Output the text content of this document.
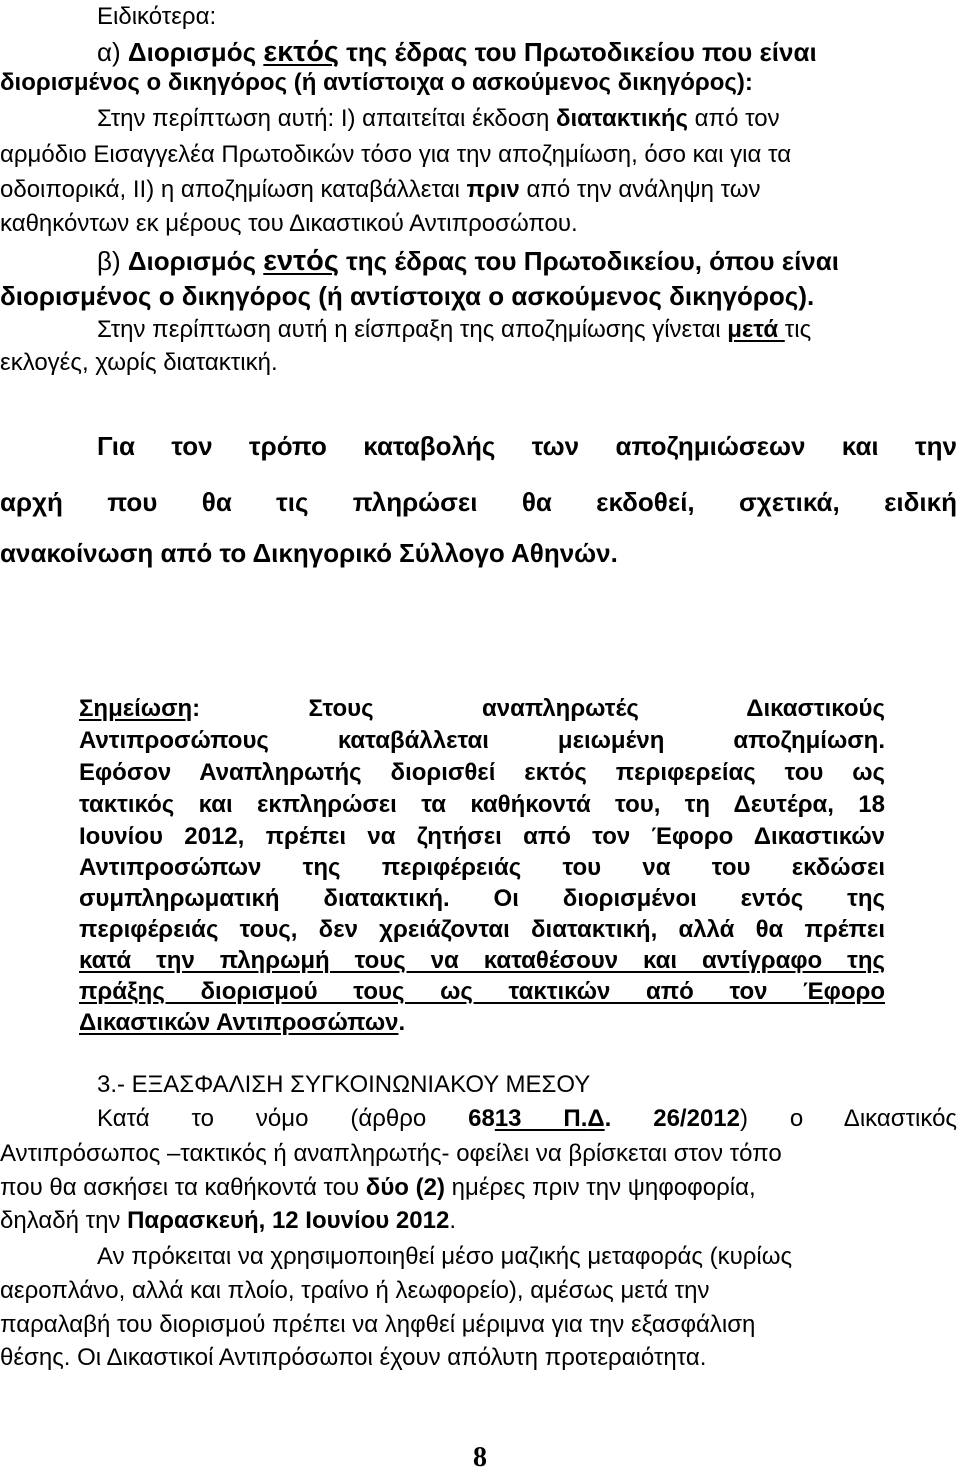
Ειδικότερα:
α) Διορισμός εκτός της έδρας του Πρωτοδικείου που είναι
διορισμένος ο δικηγόρος (ή αντίστοιχα ο ασκούμενος δικηγόρος):
Στην περίπτωση αυτή: I) απαιτείται έκδοση διατακτικής από τον
αρμόδιο Εισαγγελέα Πρωτοδικών τόσο για την αποζημίωση, όσο και για τα
οδοιπορικά, II) η αποζημίωση καταβάλλεται πριν από την ανάληψη των
καθηκόντων εκ μέρους του Δικαστικού Αντιπροσώπου.
β) Διορισμός εντός της έδρας του Πρωτοδικείου, όπου είναι
διορισμένος ο δικηγόρος (ή αντίστοιχα ο ασκούμενος δικηγόρος).
Στην περίπτωση αυτή η είσπραξη της αποζημίωσης γίνεται μετά τις
εκλογές, χωρίς διατακτική.
Για τον τρόπο καταβολής των αποζημιώσεων και την
αρχή που θα τις πληρώσει θα εκδοθεί, σχετικά, ειδική
ανακοίνωση από το Δικηγορικό Σύλλογο Αθηνών.
Σημείωση: Στους αναπληρωτές Δικαστικούς
Αντιπροσώπους καταβάλλεται μειωμένη αποζημίωση.
Εφόσον Αναπληρωτής διορισθεί εκτός περιφερείας του ως
τακτικός και εκπληρώσει τα καθήκοντά του, τη Δευτέρα, 18
Ιουνίου 2012, πρέπει να ζητήσει από τον Έφορο Δικαστικών
Αντιπροσώπων της περιφέρειάς του να του εκδώσει
συμπληρωματική διατακτική. Οι διορισμένοι εντός της
περιφέρειάς τους, δεν χρειάζονται διατακτική, αλλά θα πρέπει
κατά την πληρωμή τους να καταθέσουν και αντίγραφο της
πράξης διορισμού τους ως τακτικών από τον Έφορο
Δικαστικών Αντιπροσώπων.
3.- ΕΞΑΣΦΑΛΙΣΗ ΣΥΓΚΟΙΝΩΝΙΑΚΟΥ ΜΕΣΟΥ
Κατά το νόμο (άρθρο 6813 Π.Δ. 26/2012) ο Δικαστικός
Αντιπρόσωπος –τακτικός ή αναπληρωτής- οφείλει να βρίσκεται στον τόπο
που θα ασκήσει τα καθήκοντά του δύο (2) ημέρες πριν την ψηφοφορία,
δηλαδή την Παρασκευή, 12 Ιουνίου 2012.
Αν πρόκειται να χρησιμοποιηθεί μέσο μαζικής μεταφοράς (κυρίως
αεροπλάνο, αλλά και πλοίο, τραίνο ή λεωφορείο), αμέσως μετά την
παραλαβή του διορισμού πρέπει να ληφθεί μέριμνα για την εξασφάλιση
θέσης. Οι Δικαστικοί Αντιπρόσωποι έχουν απόλυτη προτεραιότητα.
8
